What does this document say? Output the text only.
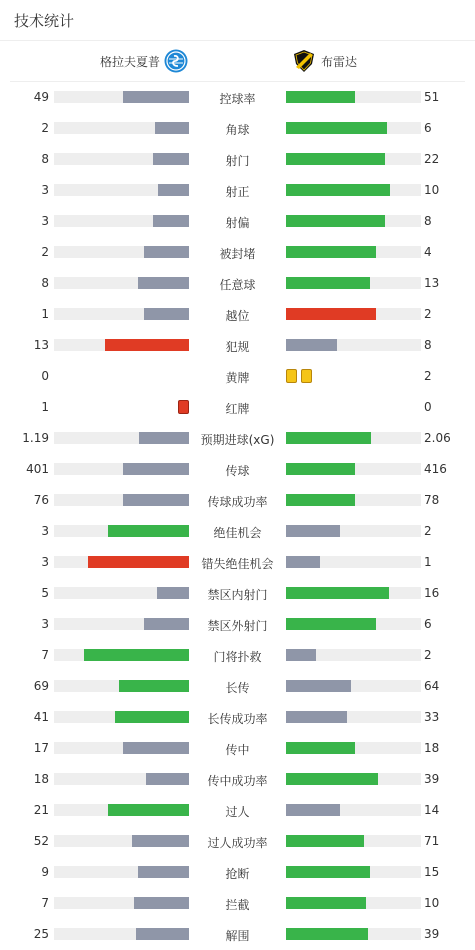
技术统计
格拉夫夏普	布雷达
49	控球率	51
2	角球	6
8	射门	22
3	射正	10
3	射偏	8
2	被封堵	4
8	任意球	13
1	越位	2
13	犯规	8
0	黄牌	2
1	红牌	0
1.19	预期进球(xG)	2.06
401	传球	416
76	传球成功率	78
3	绝佳机会	2
3	错失绝佳机会	1
5	禁区内射门	16
3	禁区外射门	6
7	门将扑救	2
69	长传	64
41	长传成功率	33
17	传中	18
18	传中成功率	39
21	过人	14
52	过人成功率	71
9	抢断	15
7	拦截	10
25	解围	39
